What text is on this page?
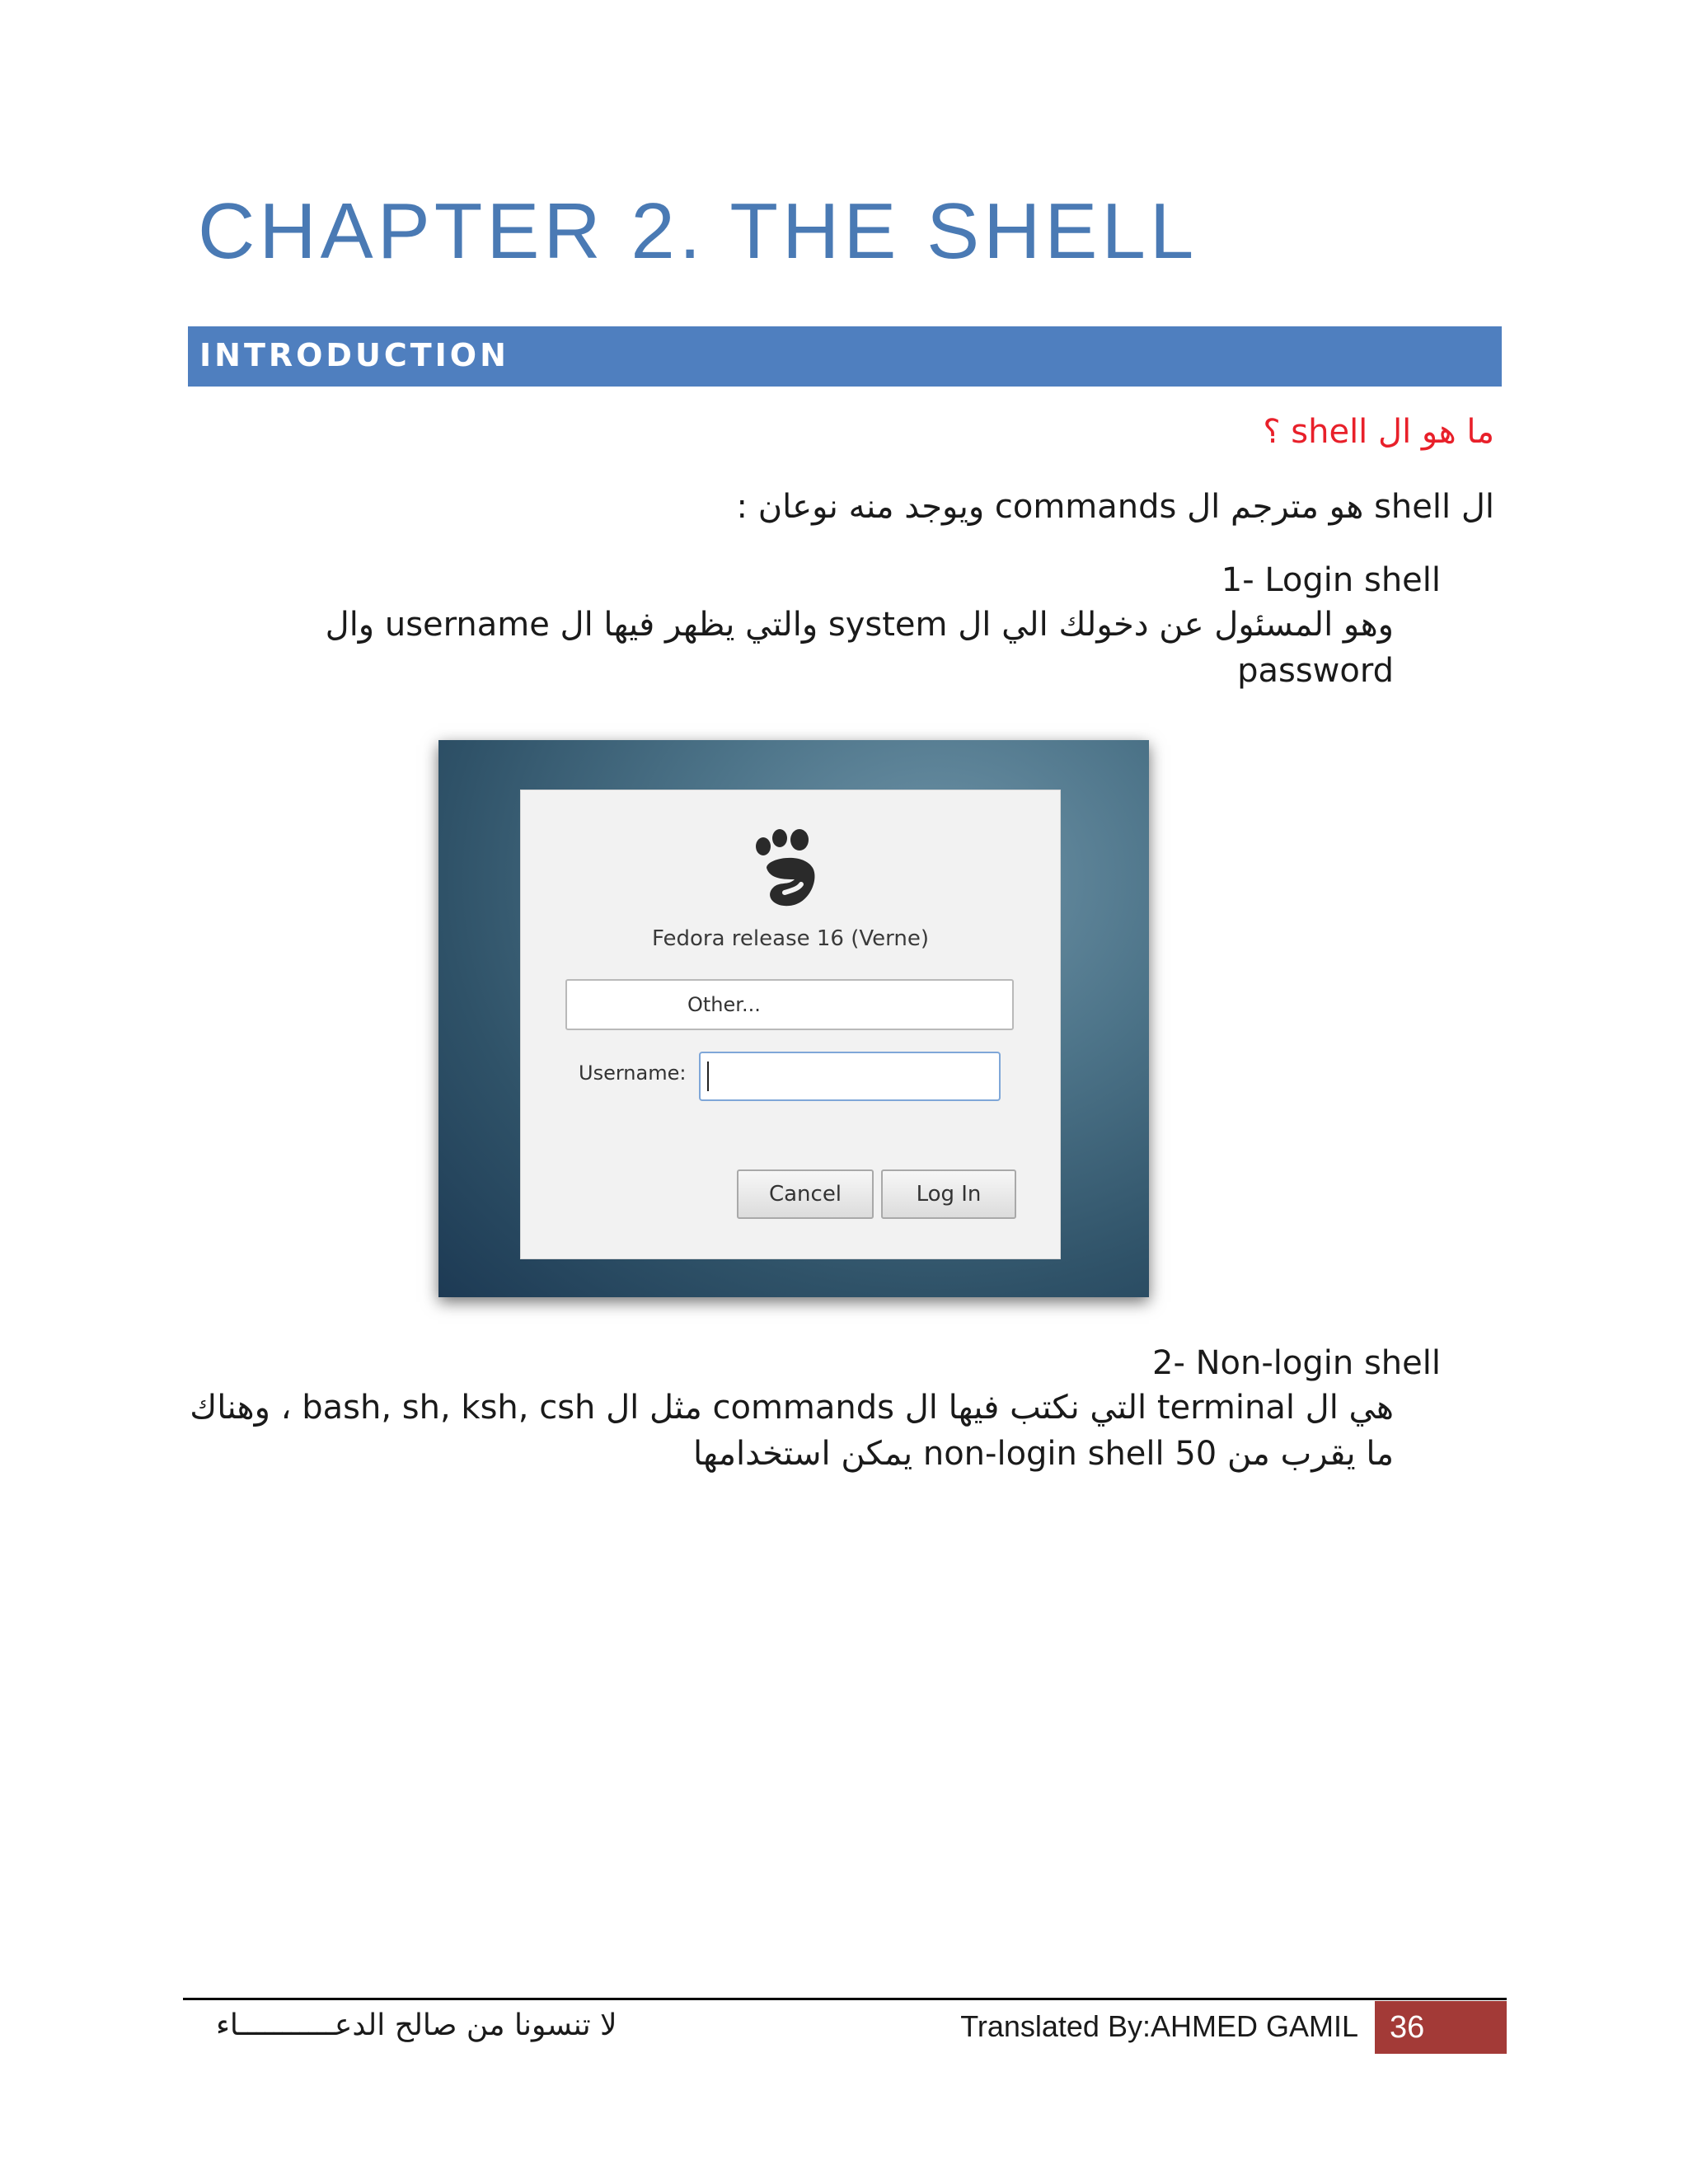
CHAPTER 2. THE SHELL
INTRODUCTION
ما هو ال shell ؟
ال shell هو مترجم ال commands ويوجد منه نوعان :
1- Login shell
وهو المسئول عن دخولك الي ال system والتي يظهر فيها ال username وال password
Fedora release 16 (Verne)
Other...
Username:
Cancel	Log In
2- Non-login shell
هي ال terminal التي نكتب فيها ال commands مثل ال bash, sh, ksh, csh ، وهناك ما يقرب من 50 non-login shell يمكن استخدامها
لا تنسونا من صالح الدعـــــــــــاء	Translated By:AHMED GAMIL	36
